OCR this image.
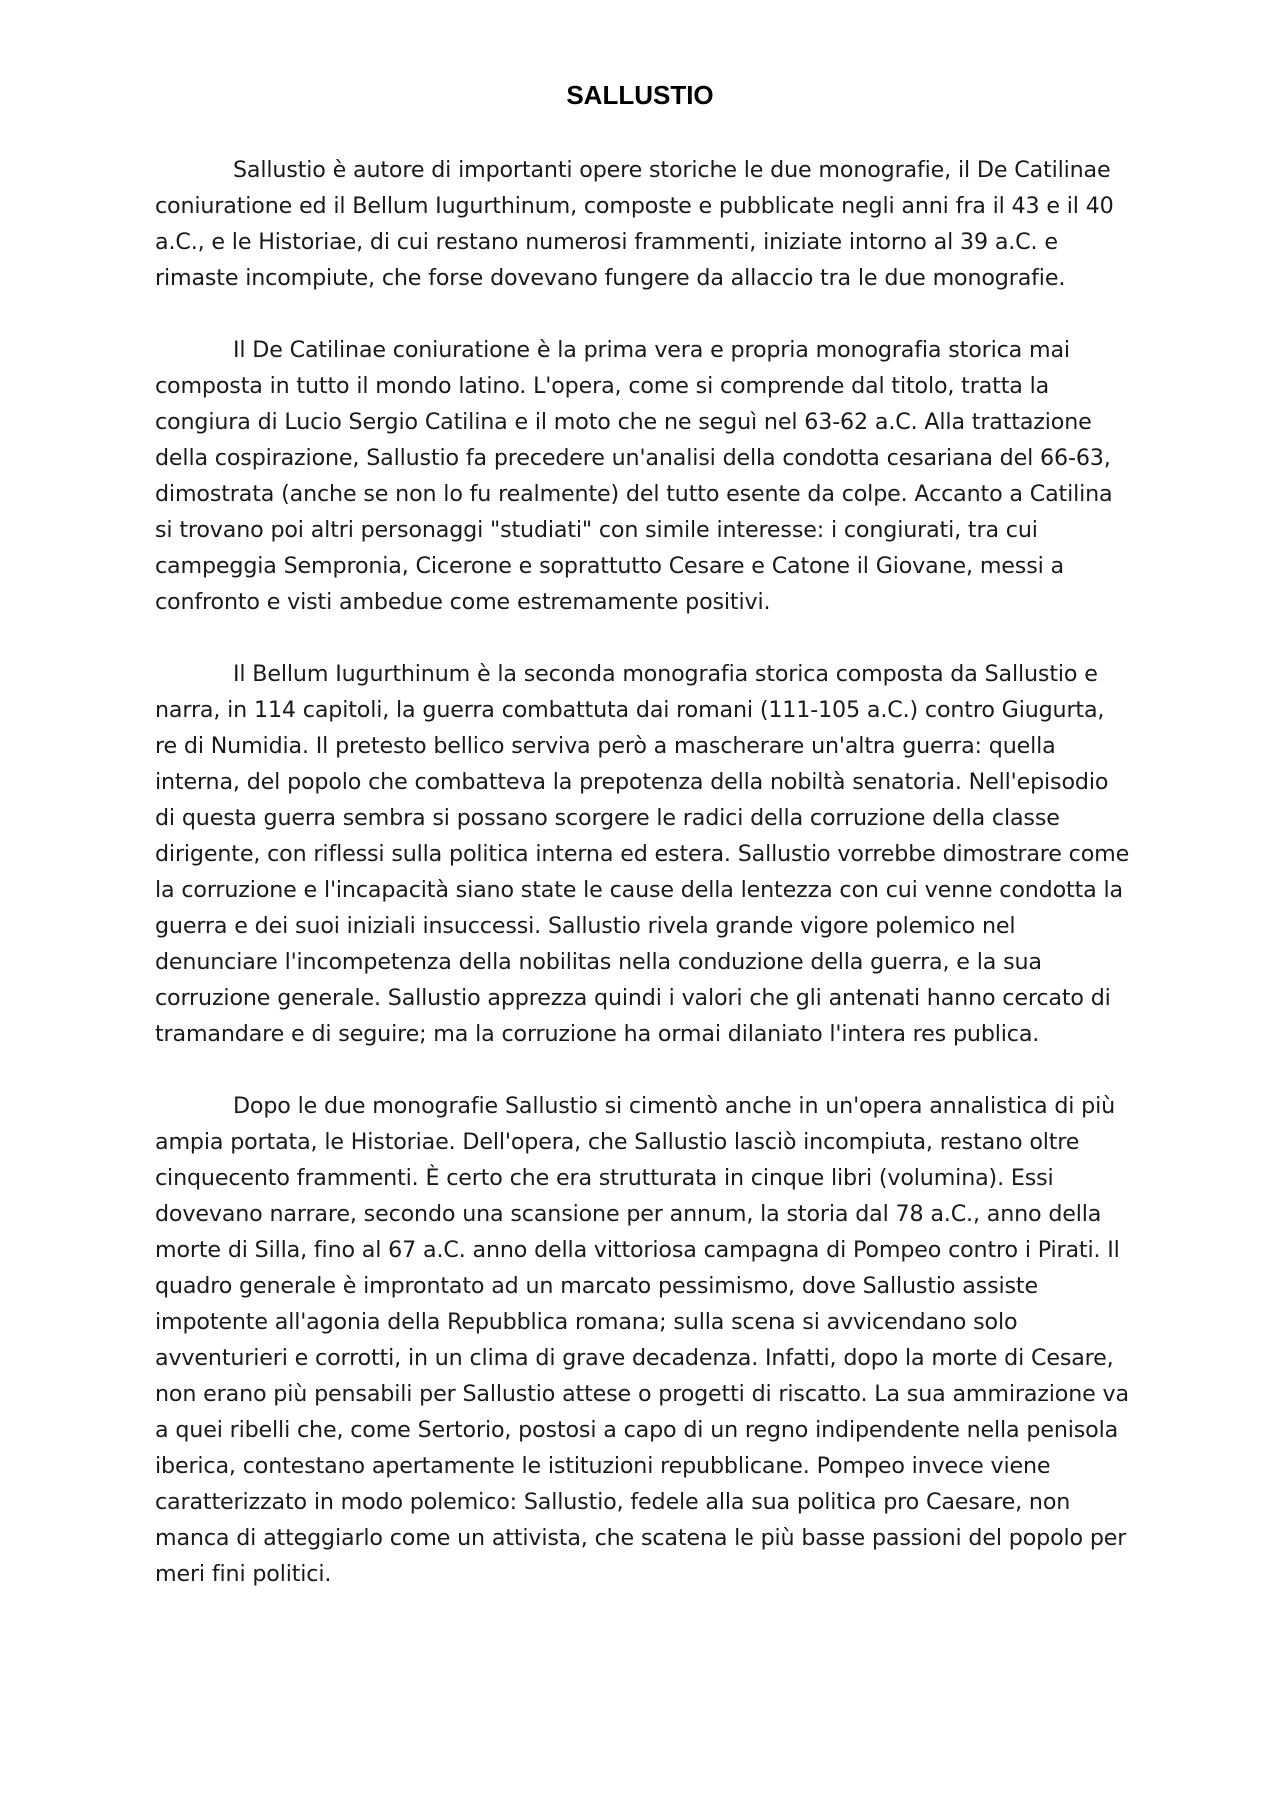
SALLUSTIO

Sallustio è autore di importanti opere storiche le due monografie, il De Catilinae coniuratione ed il Bellum Iugurthinum, composte e pubblicate negli anni fra il 43 e il 40 a.C., e le Historiae, di cui restano numerosi frammenti, iniziate intorno al 39 a.C. e rimaste incompiute, che forse dovevano fungere da allaccio tra le due monografie.

Il De Catilinae coniuratione è la prima vera e propria monografia storica mai composta in tutto il mondo latino. L'opera, come si comprende dal titolo, tratta la congiura di Lucio Sergio Catilina e il moto che ne seguì nel 63-62 a.C. Alla trattazione della cospirazione, Sallustio fa precedere un'analisi della condotta cesariana del 66-63, dimostrata (anche se non lo fu realmente) del tutto esente da colpe. Accanto a Catilina si trovano poi altri personaggi "studiati" con simile interesse: i congiurati, tra cui campeggia Sempronia, Cicerone e soprattutto Cesare e Catone il Giovane, messi a confronto e visti ambedue come estremamente positivi.

Il Bellum Iugurthinum è la seconda monografia storica composta da Sallustio e narra, in 114 capitoli, la guerra combattuta dai romani (111-105 a.C.) contro Giugurta, re di Numidia. Il pretesto bellico serviva però a mascherare un'altra guerra: quella interna, del popolo che combatteva la prepotenza della nobiltà senatoria. Nell'episodio di questa guerra sembra si possano scorgere le radici della corruzione della classe dirigente, con riflessi sulla politica interna ed estera. Sallustio vorrebbe dimostrare come la corruzione e l'incapacità siano state le cause della lentezza con cui venne condotta la guerra e dei suoi iniziali insuccessi. Sallustio rivela grande vigore polemico nel denunciare l'incompetenza della nobilitas nella conduzione della guerra, e la sua corruzione generale. Sallustio apprezza quindi i valori che gli antenati hanno cercato di tramandare e di seguire; ma la corruzione ha ormai dilaniato l'intera res publica.

Dopo le due monografie Sallustio si cimentò anche in un'opera annalistica di più ampia portata, le Historiae. Dell'opera, che Sallustio lasciò incompiuta, restano oltre cinquecento frammenti. È certo che era strutturata in cinque libri (volumina). Essi dovevano narrare, secondo una scansione per annum, la storia dal 78 a.C., anno della morte di Silla, fino al 67 a.C. anno della vittoriosa campagna di Pompeo contro i Pirati. Il quadro generale è improntato ad un marcato pessimismo, dove Sallustio assiste impotente all'agonia della Repubblica romana; sulla scena si avvicendano solo avventurieri e corrotti, in un clima di grave decadenza. Infatti, dopo la morte di Cesare, non erano più pensabili per Sallustio attese o progetti di riscatto. La sua ammirazione va a quei ribelli che, come Sertorio, postosi a capo di un regno indipendente nella penisola iberica, contestano apertamente le istituzioni repubblicane. Pompeo invece viene caratterizzato in modo polemico: Sallustio, fedele alla sua politica pro Caesare, non manca di atteggiarlo come un attivista, che scatena le più basse passioni del popolo per meri fini politici.
